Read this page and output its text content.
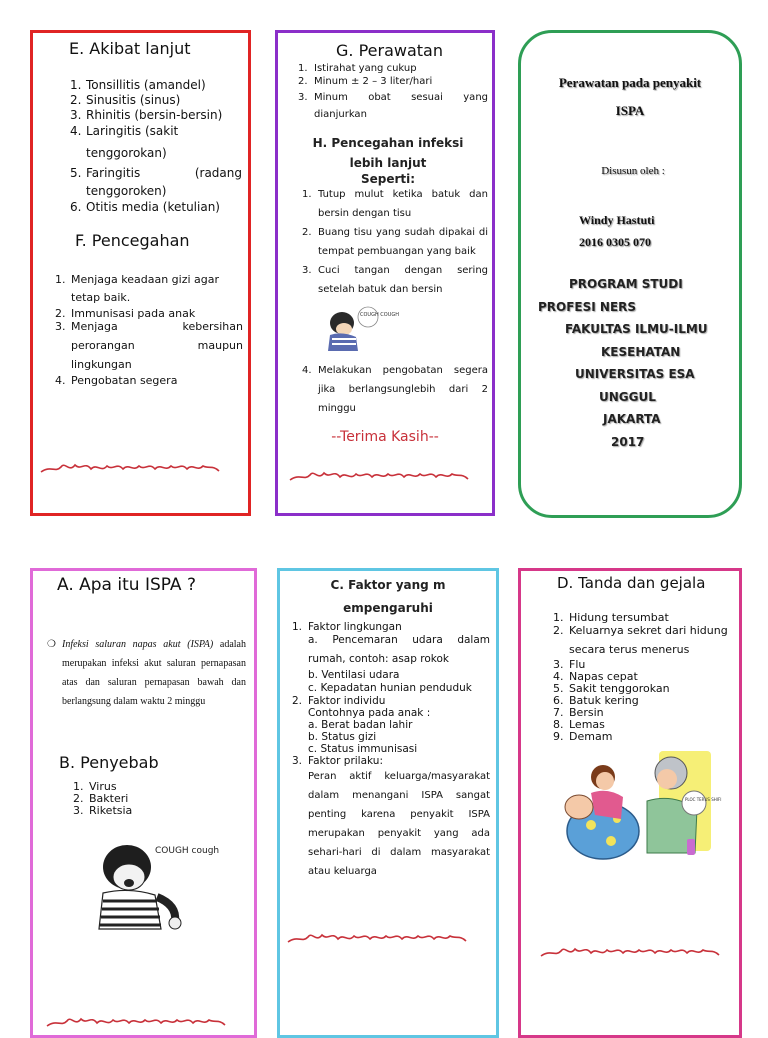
E. Akibat lanjut
1. Tonsillitis (amandel)
2. Sinusitis (sinus)
3. Rhinitis (bersin-bersin)
4. Laringitis (sakit tenggorokan)
5. Faringitis (radang tenggoroken)
6. Otitis media (ketulian)
F. Pencegahan
1. Menjaga keadaan gizi agar tetap baik.
2. Immunisasi pada anak
3. Menjaga kebersihan perorangan maupun lingkungan
4. Pengobatan segera
G. Perawatan
1. Istirahat yang cukup
2. Minum ± 2 – 3 liter/hari
3. Minum obat sesuai yang dianjurkan
H. Pencegahan infeksi
lebih lanjut
Seperti:
1. Tutup mulut ketika batuk dan bersin dengan tisu
2. Buang tisu yang sudah dipakai di tempat pembuangan yang baik
3. Cuci tangan dengan sering setelah batuk dan bersin
COUGH COUGH
4. Melakukan pengobatan segera jika berlangsunglebih dari 2 minggu
--Terima Kasih--
Perawatan pada penyakit
ISPA
Disusun oleh :
Windy Hastuti
2016 0305 070
PROGRAM STUDI
PROFESI NERS
FAKULTAS ILMU-ILMU
KESEHATAN
UNIVERSITAS ESA
UNGGUL
JAKARTA
2017
A. Apa itu ISPA ?
❍ Infeksi saluran napas akut (ISPA) adalah merupakan infeksi akut saluran pernapasan atas dan saluran pernapasan bawah dan berlangsung dalam waktu 2 minggu
B. Penyebab
1. Virus
2. Bakteri
3. Riketsia
COUGH cough
C. Faktor yang m
empengaruhi
1. Faktor lingkungan
a. Pencemaran udara dalam rumah, contoh: asap rokok
b. Ventilasi udara
c. Kepadatan hunian penduduk
2. Faktor individu
Contohnya pada anak :
a. Berat badan lahir
b. Status gizi
c. Status immunisasi
3. Faktor prilaku:
Peran aktif keluarga/masyarakat dalam menangani ISPA sangat penting karena penyakit ISPA merupakan penyakit yang ada sehari-hari di dalam masyarakat atau keluarga
D. Tanda dan gejala
1. Hidung tersumbat
2. Keluarnya sekret dari hidung secara terus menerus
3. Flu
4. Napas cepat
5. Sakit tenggorokan
6. Batuk kering
7. Bersin
8. Lemas
9. Demam
PLOC TERUS SHIFI
